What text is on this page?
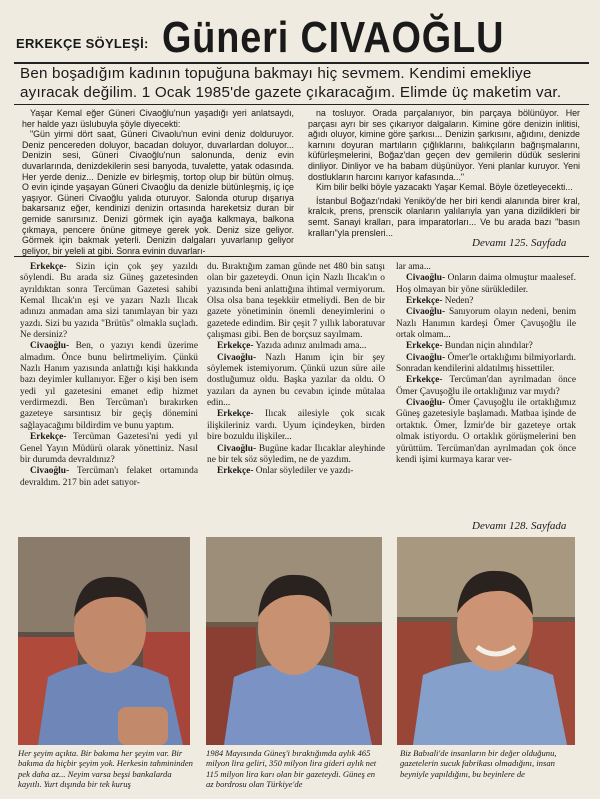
ERKEKÇE SÖYLEŞİ: Güneri CIVAOĞLU
Ben boşadığım kadının topuğuna bakmayı hiç sevmem. Kendimi emekliye ayıracak değilim. 1 Ocak 1985'de gazete çıkaracağım. Elimde üç maketim var.

Yaşar Kemal eğer Güneri Civaoğlu'nun yaşadığı yeri anlatsaydı, her halde yazı üslubuyla şöyle diyecekti:

"Gün yirmi dört saat, Güneri Civaolu'nun evini deniz dolduruyor. Deniz pencereden doluyor, bacadan doluyor, duvarlardan doluyor... Denizin sesi, Güneri Civaoğlu'nun salonunda, deniz evin duvarlarında, denizdekilerin sesi banyoda, tuvalette, yatak odasında. Her yerde deniz... Denizle ev birleşmiş, tortop olup bir bütün olmuş. O evin içinde yaşayan Güneri Civaoğlu da denizle bütünleşmiş, iç içe yaşıyor. Güneri Civaoğlu yalıda oturuyor. Salonda oturup dışarıya bakarsanız eğer, kendinizi denizin ortasında hareketsiz duran bir gemide sanırsınız. Denizi görmek için ayağa kalkmaya, balkona çıkmaya, pencere önüne gitmeye gerek yok. Deniz size geliyor. Görmek için bakmak yeterli. Denizin dalgaları yuvarlanıp geliyor geliyor, bir yeleli at gibi. Sonra evinin duvarları-

na tosluyor. Orada parçalanıyor, bin parçaya bölünüyor. Her parçası ayrı bir ses çıkarıyor dalgaların. Kimine göre denizin inlitisi, ağıdı oluyor, kimine göre şarkısı... Denizin şarkısını, ağıdını, denizde karnını doyuran martıların çığlıklarını, balıkçıların bağrışmalarını, küfürleşmelerini, Boğaz'dan geçen dev gemilerin düdük seslerini dinliyor. Dinliyor ve ha babam düşünüyor. Yeni planlar kuruyor. Yeni dostlukların harcını karıyor kafasında..."

Kim bilir belki böyle yazacaktı Yaşar Kemal. Böyle özetleyecekti...

İstanbul Boğazı'ndaki Yeniköy'de her biri kendi alanında birer kral, kralcık, prens, prenscik olanların yalılarıyla yan yana dizildikleri bir semt. Sanayi kralları, para imparatorları... Ve bu arada bazı "basın kralları"yla prensleri...

Devamı 125. Sayfada

Erkekçe- Sizin için çok şey yazıldı söylendi. Bu arada siz Güneş gazetesinden ayrıldıktan sonra Tercüman Gazetesi sahibi Kemal Ilıcak'ın eşi ve yazarı Nazlı Ilıcak adınızı anmadan ama sizi tanımlayan bir yazı yazdı. Sizi bu yazıda "Brütüs" olmakla suçladı. Ne dersiniz?

Civaoğlu- Ben, o yazıyı kendi üzerime almadım. Önce bunu belirtmeliyim. Çünkü Nazlı Hanım yazısında anlattığı kişi hakkında bazı deyimler kullanıyor. Eğer o kişi ben isem yedi yıl gazetesini emanet edip hizmet verdirmezdi. Ben Tercüman'ı bırakırken gazeteye sarsıntısız bir geçiş dönemini sağlayacağımı bildirdim ve bunu yaptım.

Erkekçe- Tercüman Gazetesi'ni yedi yıl Genel Yayın Müdürü olarak yönettiniz. Nasıl bir durumda devraldınız?

Civaoğlu- Tercüman'ı felaket ortamında devraldım. 217 bin adet satıyor-

du. Bıraktığım zaman günde net 480 bin satışı olan bir gazeteydi. Onun için Nazlı Ilıcak'ın o yazısında beni anlattığına ihtimal vermiyorum. Olsa olsa bana teşekkür etmeliydi. Ben de bir gazete yönetiminin önemli deneyimlerini o gazetede edindim. Bir çeşit 7 yıllık laboratuvar çalışması gibi. Ben de borçsuz sayılmam.

Erkekçe- Yazıda adınız anılmadı ama...

Civaoğlu- Nazlı Hanım için bir şey söylemek istemiyorum. Çünkü uzun süre aile dostluğumuz oldu. Başka yazılar da oldu. O yazıları da aynen bu cevabın içinde mütalaa edin...

Erkekçe- Ilıcak ailesiyle çok sıcak ilişkileriniz vardı. Uyum içindeyken, birden bire bozuldu ilişkiler...

Civaoğlu- Bugüne kadar Ilıcaklar aleyhinde ne bir tek söz söyledim, ne de yazdım.

Erkekçe- Onlar söylediler ve yazdı-

lar ama...

Civaoğlu- Onların daima olmuştur maalesef. Hoş olmayan bir yöne sürüklediler.

Erkekçe- Neden?

Civaoğlu- Sanıyorum olayın nedeni, benim Nazlı Hanımın kardeşi Ömer Çavuşoğlu ile ortak olmam...

Erkekçe- Bundan niçin alındılar?

Civaoğlu- Ömer'le ortaklığımı bilmiyorlardı. Sonradan kendilerini aldatılmış hissettiler.

Erkekçe- Tercüman'dan ayrılmadan önce Ömer Çavuşoğlu ile ortaklığınız var mıydı?

Civaoğlu- Ömer Çavuşoğlu ile ortaklığımız Güneş gazetesiyle başlamadı. Matbaa işinde de ortaktık. Ömer, İzmir'de bir gazeteye ortak olmak istiyordu. O ortaklık görüşmelerini ben yürüttüm. Tercüman'dan ayrılmadan çok önce kendi işimi kurmaya karar ver-

Devamı 128. Sayfada
Her şeyim açıkta. Bir bakıma her şeyim var. Bir bakıma da hiçbir şeyim yok. Herkesin tahmininden pek daha az... Neyim varsa beşsi bankalarda kayıtlı. Yurt dışında bir tek kuruş
1984 Mayısında Güneş'i bıraktığımda aylık 465 milyon lira geliri, 350 milyon lira gideri aylık net 115 milyon lira karı olan bir gazeteydi. Güneş en az bordrosu olan Türkiye'de
Biz Babıali'de insanların bir değer olduğunu, gazetelerin sucuk fabrikası olmadığını, insan beyniyle yapıldığını, bu beyinlere de
